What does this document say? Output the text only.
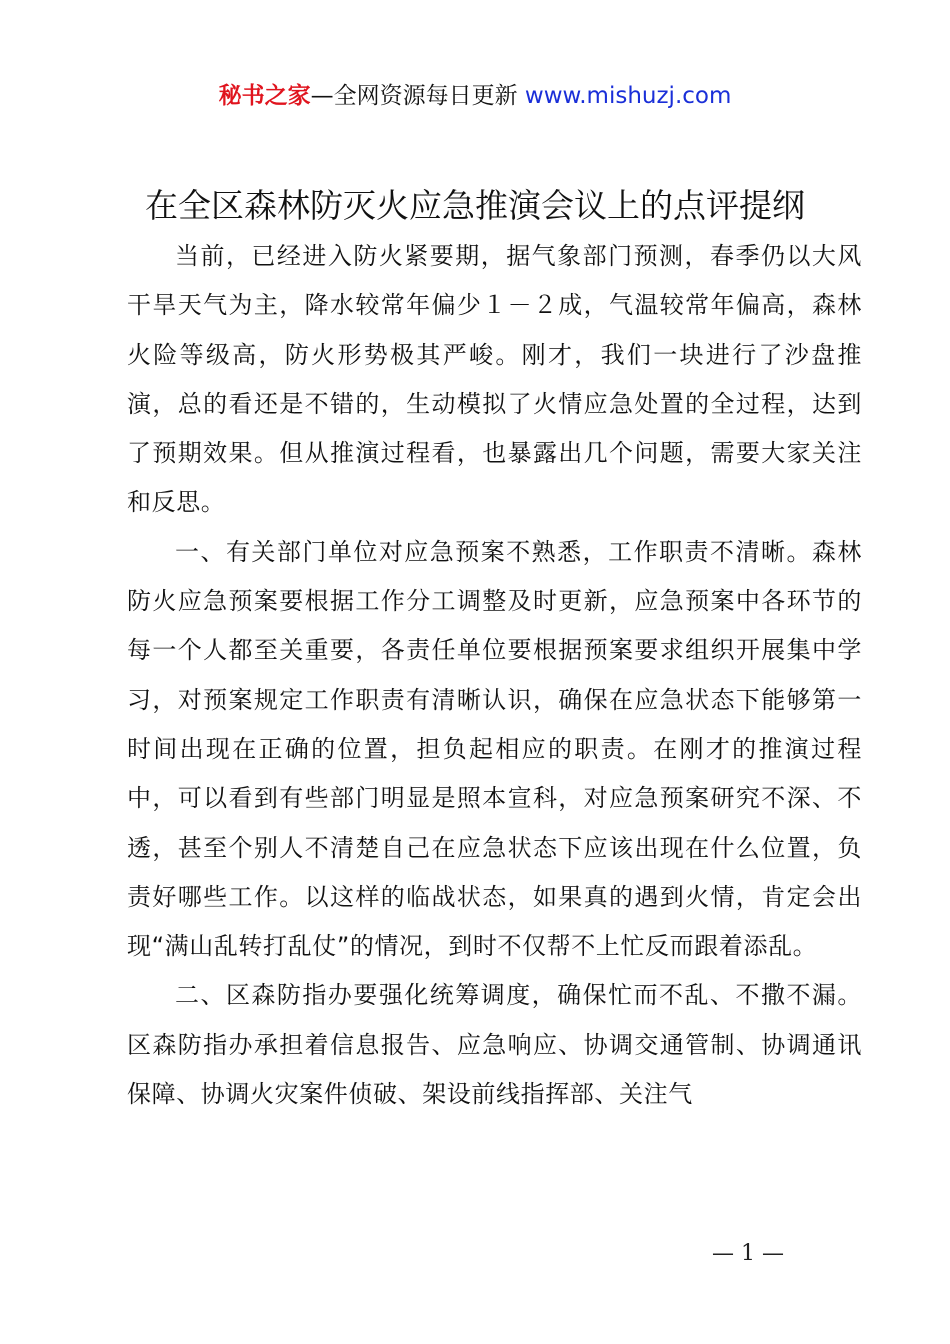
秘书之家—全网资源每日更新 www.mishuzj.com
在全区森林防灭火应急推演会议上的点评提纲

当前，已经进入防火紧要期，据气象部门预测，春季仍以大风干旱天气为主，降水较常年偏少１－２成，气温较常年偏高，森林火险等级高，防火形势极其严峻。刚才，我们一块进行了沙盘推演，总的看还是不错的，生动模拟了火情应急处置的全过程，达到了预期效果。但从推演过程看，也暴露出几个问题，需要大家关注和反思。

一、有关部门单位对应急预案不熟悉，工作职责不清晰。森林防火应急预案要根据工作分工调整及时更新，应急预案中各环节的每一个人都至关重要，各责任单位要根据预案要求组织开展集中学习，对预案规定工作职责有清晰认识，确保在应急状态下能够第一时间出现在正确的位置，担负起相应的职责。在刚才的推演过程中，可以看到有些部门明显是照本宣科，对应急预案研究不深、不透，甚至个别人不清楚自己在应急状态下应该出现在什么位置，负责好哪些工作。以这样的临战状态，如果真的遇到火情，肯定会出现“满山乱转打乱仗”的情况，到时不仅帮不上忙反而跟着添乱。

二、区森防指办要强化统筹调度，确保忙而不乱、不撒不漏。区森防指办承担着信息报告、应急响应、协调交通管制、协调通讯保障、协调火灾案件侦破、架设前线指挥部、关注气

— 1 —
